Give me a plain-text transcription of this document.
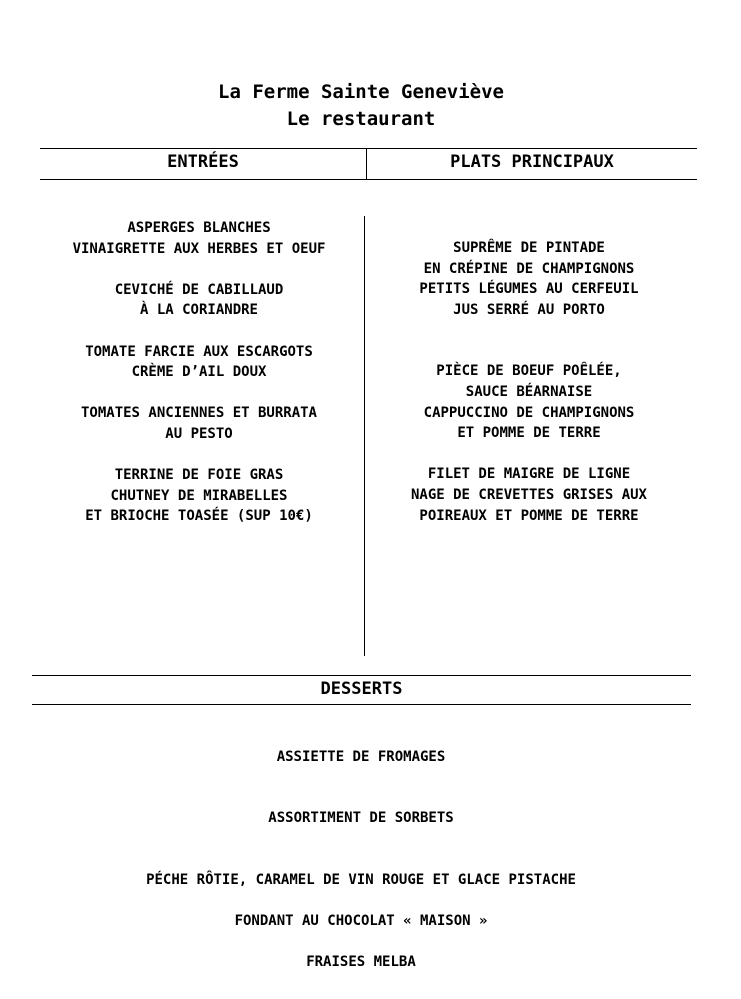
La Ferme Sainte Geneviève
Le restaurant
ENTRÉES	PLATS PRINCIPAUX
ASPERGES BLANCHES
VINAIGRETTE AUX HERBES ET OEUF
CEVICHÉ DE CABILLAUD
À LA CORIANDRE
TOMATE FARCIE AUX ESCARGOTS
CRÈME D’AIL DOUX
TOMATES ANCIENNES ET BURRATA
AU PESTO
TERRINE DE FOIE GRAS
CHUTNEY DE MIRABELLES
ET BRIOCHE TOASÉE (SUP 10€)
SUPRÊME DE PINTADE
EN CRÉPINE DE CHAMPIGNONS
PETITS LÉGUMES AU CERFEUIL
JUS SERRÉ AU PORTO
PIÈCE DE BOEUF POÊLÉE,
SAUCE BÉARNAISE
CAPPUCCINO DE CHAMPIGNONS
ET POMME DE TERRE
FILET DE MAIGRE DE LIGNE
NAGE DE CREVETTES GRISES AUX
POIREAUX ET POMME DE TERRE
DESSERTS
ASSIETTE DE FROMAGES
ASSORTIMENT DE SORBETS
PÉCHE RÔTIE, CARAMEL DE VIN ROUGE ET GLACE PISTACHE
FONDANT AU CHOCOLAT « MAISON »
FRAISES MELBA
